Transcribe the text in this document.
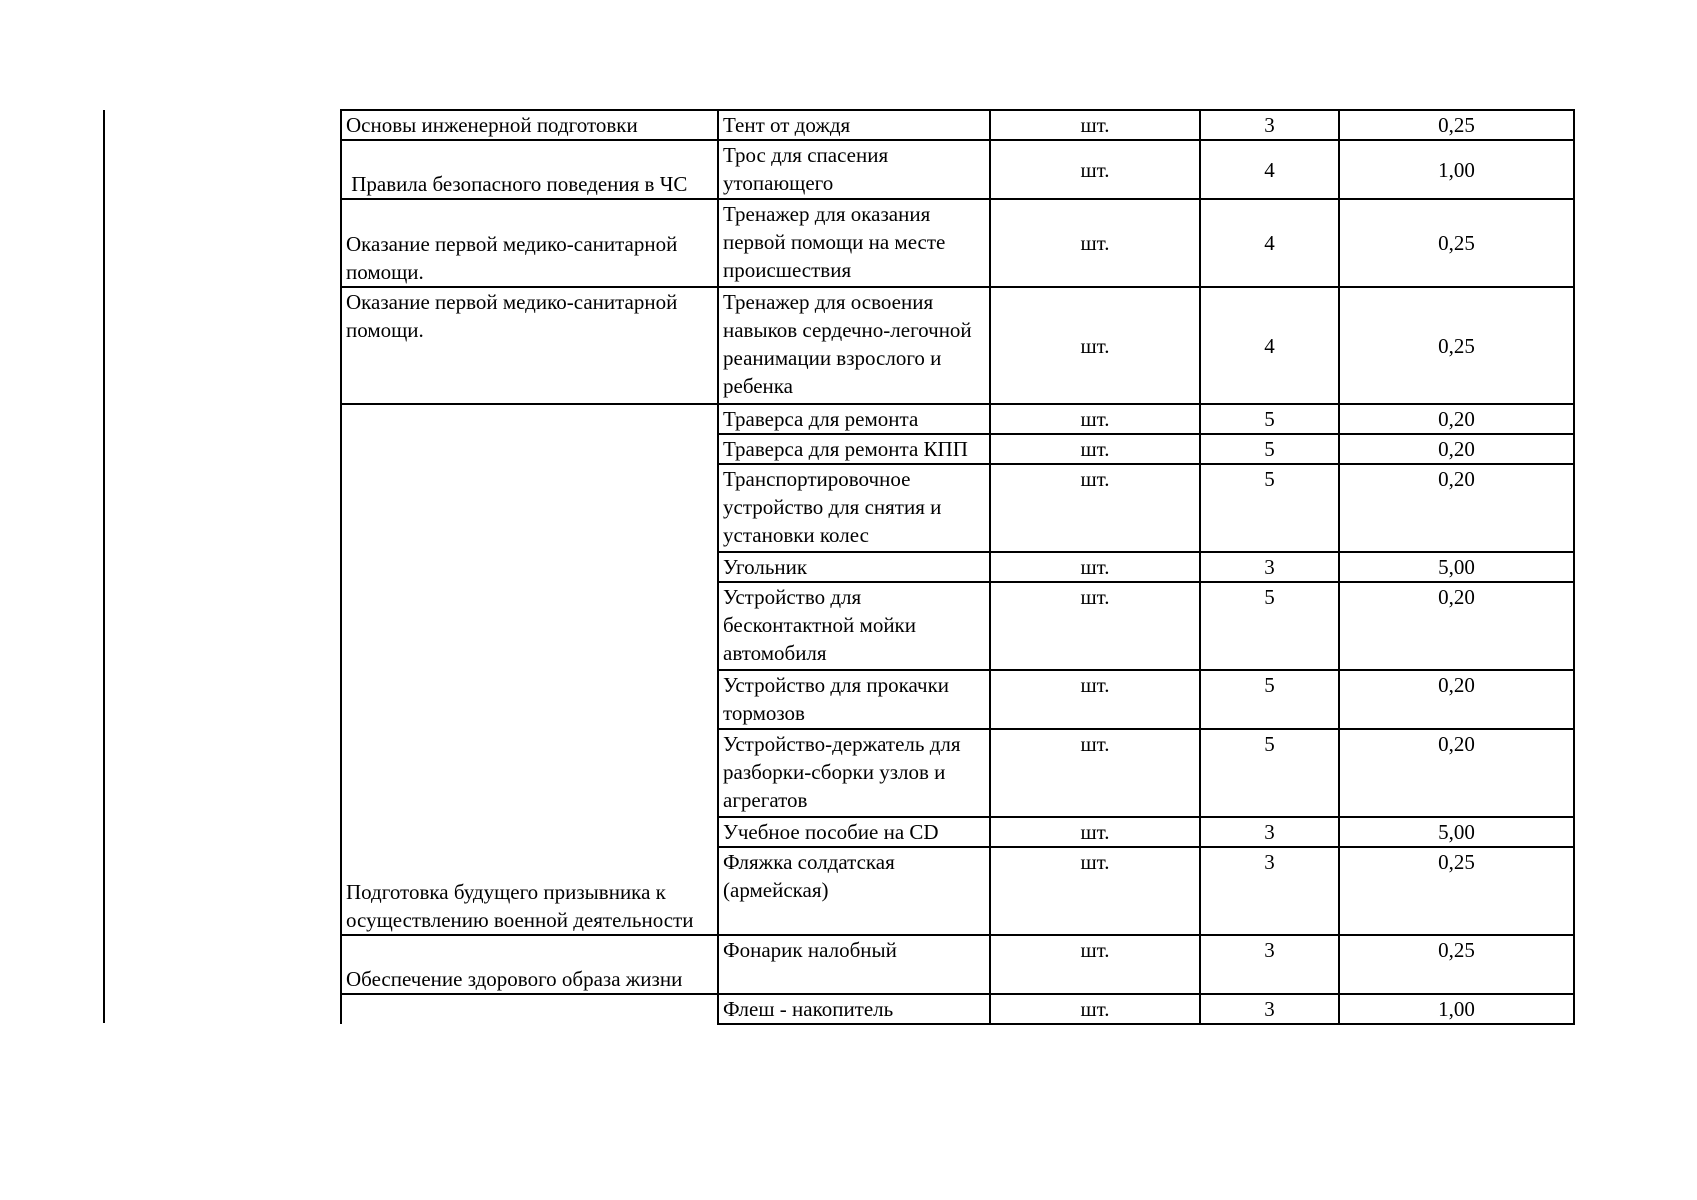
Основы инженерной подготовки	Тент от дождя	шт.	3	0,25
Правила безопасного поведения в ЧС	Трос для спасения утопающего	шт.	4	1,00
Оказание первой медико-санитарной помощи.	Тренажер для оказания первой помощи на месте происшествия	шт.	4	0,25
Оказание первой медико-санитарной помощи.	Тренажер для освоения навыков сердечно-легочной реанимации взрослого и ребенка	шт.	4	0,25
Подготовка будущего призывника к осуществлению военной деятельности	Траверса для ремонта	шт.	5	0,20
	Траверса для ремонта КПП	шт.	5	0,20
	Транспортировочное устройство для снятия и установки колес	шт.	5	0,20
	Угольник	шт.	3	5,00
	Устройство для бесконтактной мойки автомобиля	шт.	5	0,20
	Устройство для прокачки тормозов	шт.	5	0,20
	Устройство-держатель для разборки-сборки узлов и агрегатов	шт.	5	0,20
	Учебное пособие на CD	шт.	3	5,00
	Фляжка солдатская (армейская)	шт.	3	0,25
Обеспечение здорового образа жизни	Фонарик налобный	шт.	3	0,25
	Флеш - накопитель	шт.	3	1,00
